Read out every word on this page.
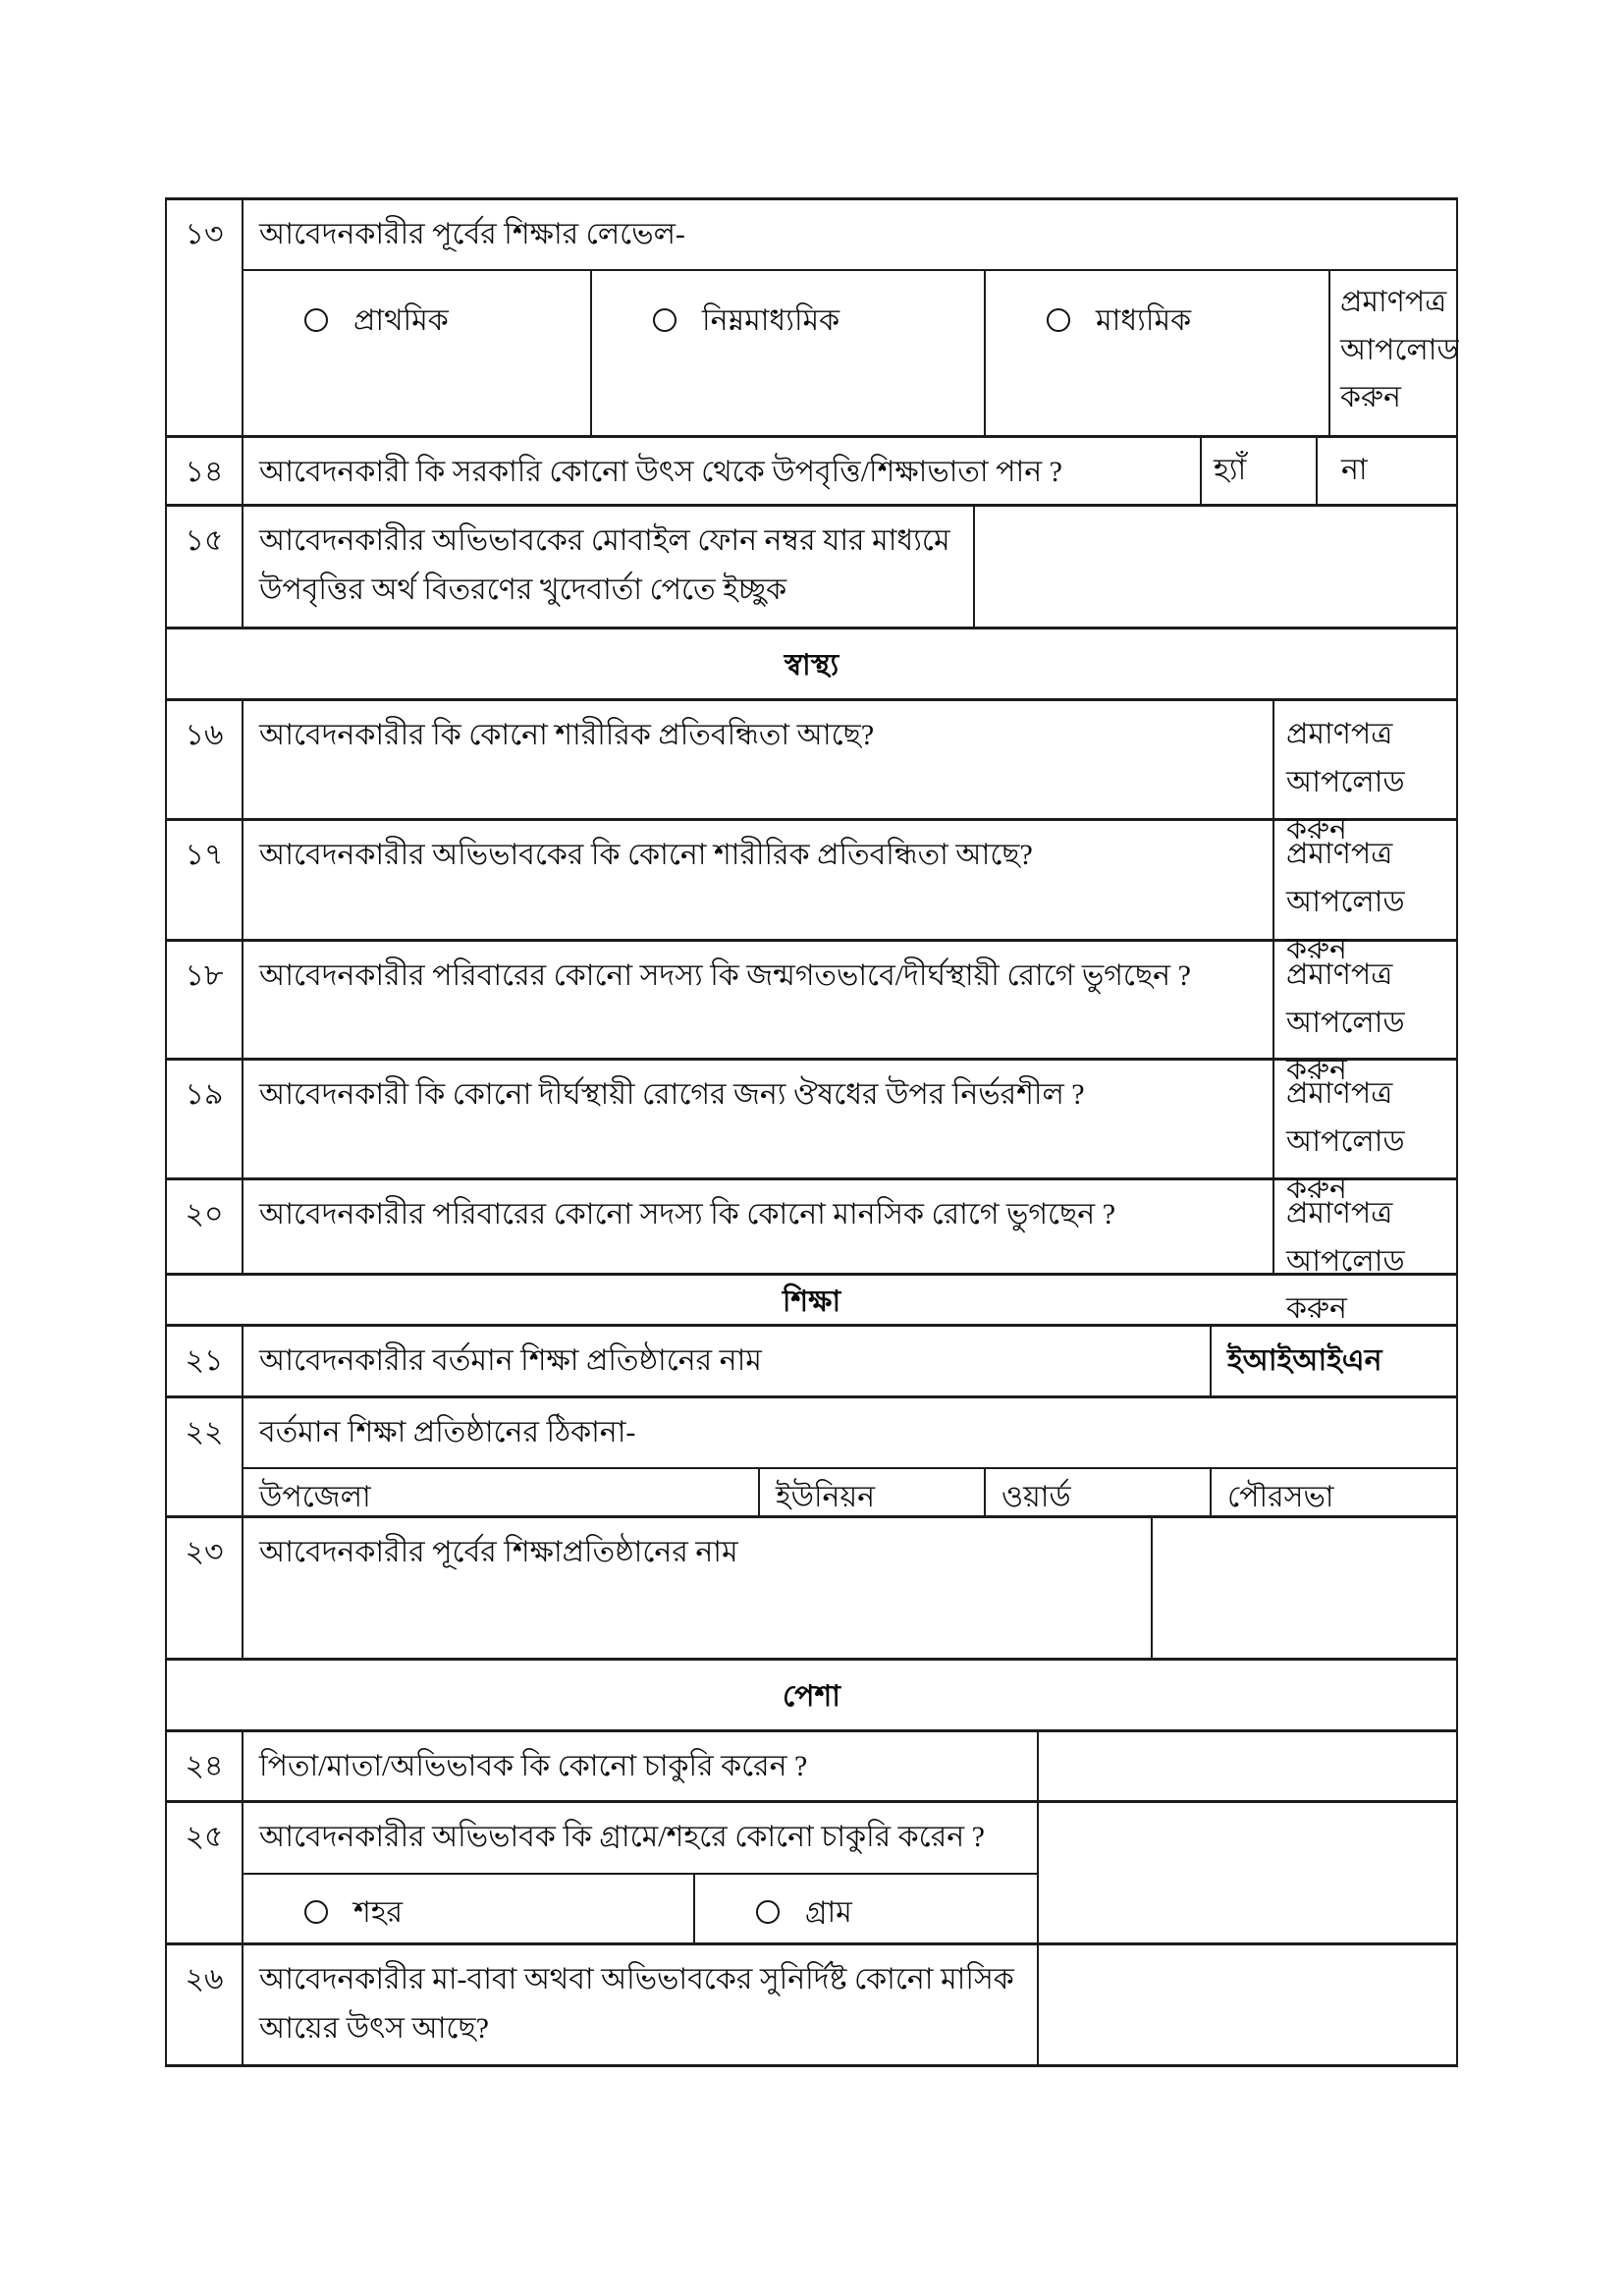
১৩	আবেদনকারীর পূর্বের শিক্ষার লেভেল-
প্রাথমিক	নিম্নমাধ্যমিক	মাধ্যমিক
প্রমাণপত্র আপলোড করুন
১৪	আবেদনকারী কি সরকারি কোনো উৎস থেকে উপবৃত্তি/শিক্ষাভাতা পান ?	হ্যাঁ	না
১৫	আবেদনকারীর অভিভাবকের মোবাইল ফোন নম্বর যার মাধ্যমে উপবৃত্তির অর্থ বিতরণের খুদেবার্তা পেতে ইচ্ছুক
স্বাস্থ্য
১৬	আবেদনকারীর কি কোনো শারীরিক প্রতিবন্ধিতা আছে?	প্রমাণপত্র আপলোড করুন
১৭	আবেদনকারীর অভিভাবকের কি কোনো শারীরিক প্রতিবন্ধিতা আছে?	প্রমাণপত্র আপলোড করুন
১৮	আবেদনকারীর পরিবারের কোনো সদস্য কি জন্মগতভাবে/দীর্ঘস্থায়ী রোগে ভুগছেন ?	প্রমাণপত্র আপলোড করুন
১৯	আবেদনকারী কি কোনো দীর্ঘস্থায়ী রোগের জন্য ঔষধের উপর নির্ভরশীল ?	প্রমাণপত্র আপলোড করুন
২০	আবেদনকারীর পরিবারের কোনো সদস্য কি কোনো মানসিক রোগে ভুগছেন ?	প্রমাণপত্র আপলোড করুন
শিক্ষা
২১	আবেদনকারীর বর্তমান শিক্ষা প্রতিষ্ঠানের নাম	ইআইআইএন
২২	বর্তমান শিক্ষা প্রতিষ্ঠানের ঠিকানা-
উপজেলা	ইউনিয়ন	ওয়ার্ড	পৌরসভা
২৩	আবেদনকারীর পূর্বের শিক্ষাপ্রতিষ্ঠানের নাম
পেশা
২৪	পিতা/মাতা/অভিভাবক কি কোনো চাকুরি করেন ?
২৫	আবেদনকারীর অভিভাবক কি গ্রামে/শহরে কোনো চাকুরি করেন ?
শহর	গ্রাম
২৬	আবেদনকারীর মা-বাবা অথবা অভিভাবকের সুনির্দিষ্ট কোনো মাসিক আয়ের উৎস আছে?
